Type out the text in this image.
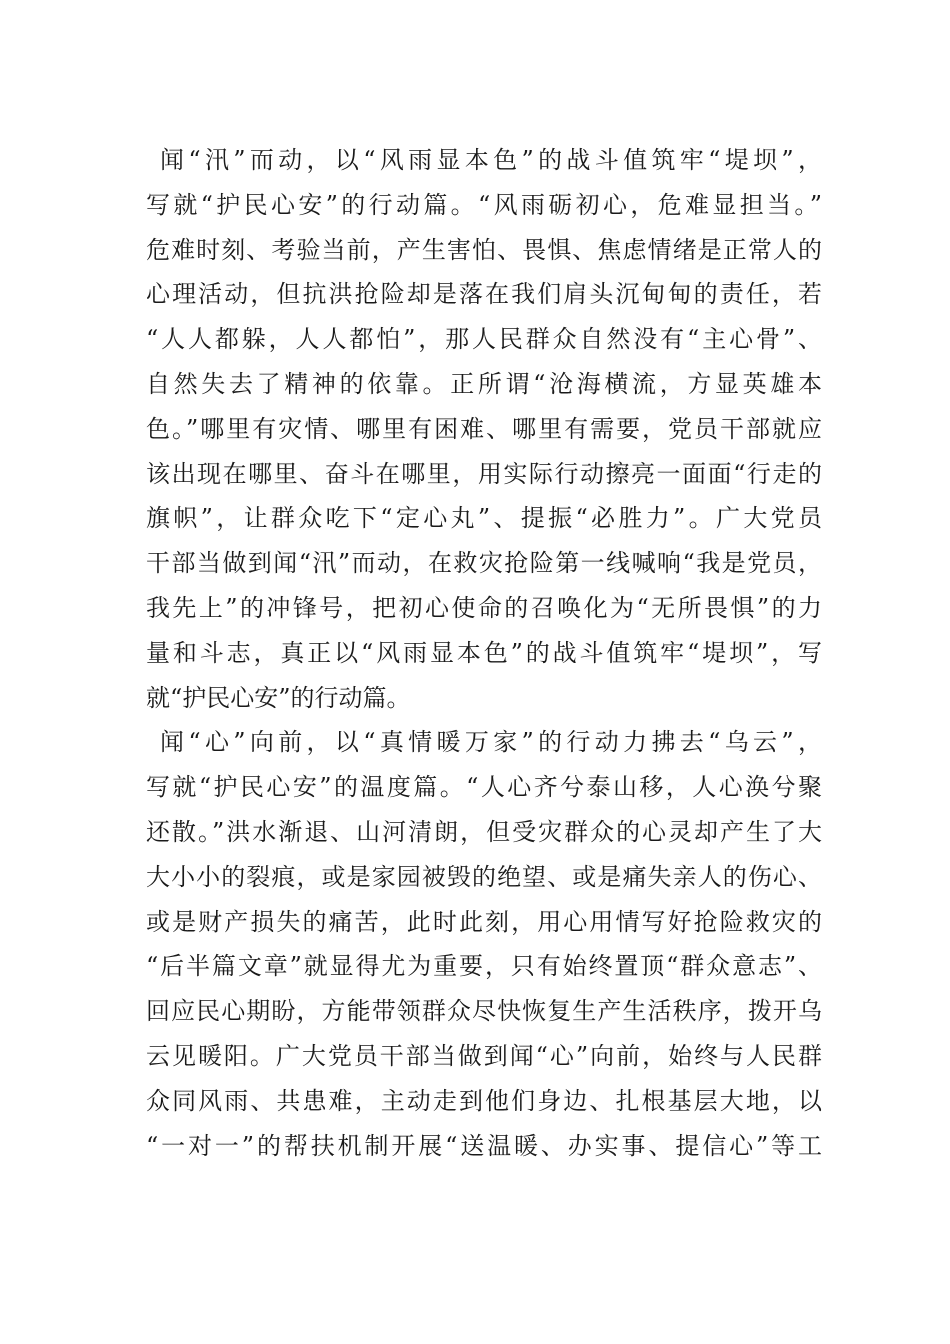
闻“汛”而动，以“风雨显本色”的战斗值筑牢“堤坝”，
写就“护民心安”的行动篇。“风雨砺初心，危难显担当。”
危难时刻、考验当前，产生害怕、畏惧、焦虑情绪是正常人的
心理活动，但抗洪抢险却是落在我们肩头沉甸甸的责任，若
“人人都躲，人人都怕”，那人民群众自然没有“主心骨”、
自然失去了精神的依靠。正所谓“沧海横流，方显英雄本
色。”哪里有灾情、哪里有困难、哪里有需要，党员干部就应
该出现在哪里、奋斗在哪里，用实际行动擦亮一面面“行走的
旗帜”，让群众吃下“定心丸”、提振“必胜力”。广大党员
干部当做到闻“汛”而动，在救灾抢险第一线喊响“我是党员，
我先上”的冲锋号，把初心使命的召唤化为“无所畏惧”的力
量和斗志，真正以“风雨显本色”的战斗值筑牢“堤坝”，写
就“护民心安”的行动篇。
闻“心”向前，以“真情暖万家”的行动力拂去“乌云”，
写就“护民心安”的温度篇。“人心齐兮泰山移，人心涣兮聚
还散。”洪水渐退、山河清朗，但受灾群众的心灵却产生了大
大小小的裂痕，或是家园被毁的绝望、或是痛失亲人的伤心、
或是财产损失的痛苦，此时此刻，用心用情写好抢险救灾的
“后半篇文章”就显得尤为重要，只有始终置顶“群众意志”、
回应民心期盼，方能带领群众尽快恢复生产生活秩序，拨开乌
云见暖阳。广大党员干部当做到闻“心”向前，始终与人民群
众同风雨、共患难，主动走到他们身边、扎根基层大地，以
“一对一”的帮扶机制开展“送温暖、办实事、提信心”等工
